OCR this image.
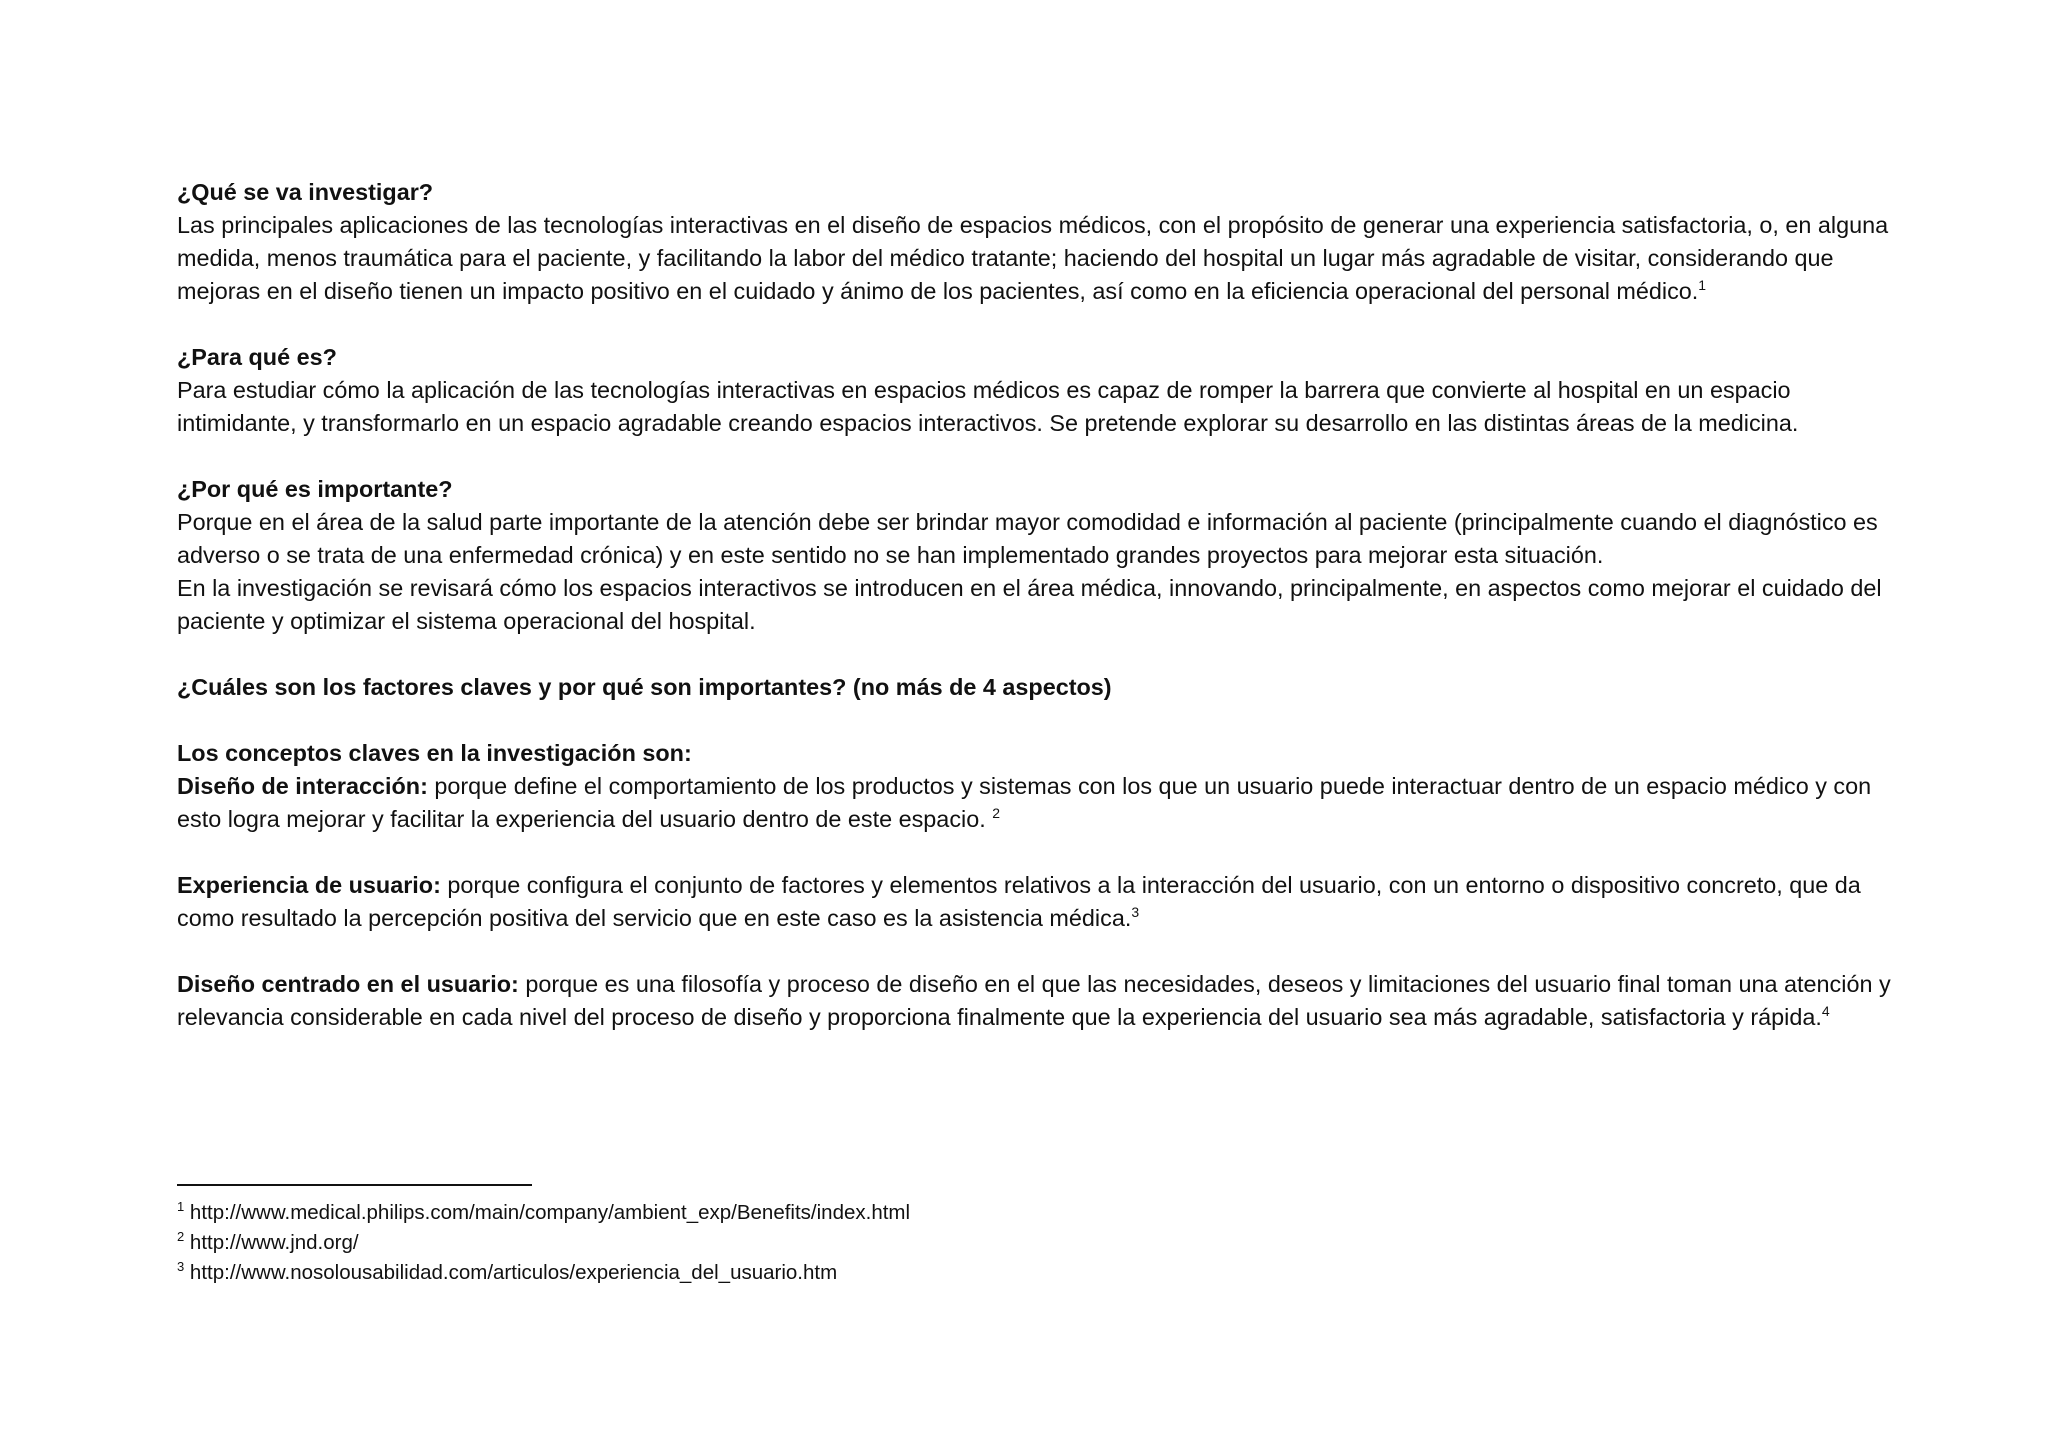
¿Qué se va investigar?

Las principales aplicaciones de las tecnologías interactivas en el diseño de espacios médicos, con el propósito de generar una experiencia satisfactoria, o, en alguna medida, menos traumática para el paciente, y facilitando la labor del médico tratante; haciendo del hospital un lugar más agradable de visitar, considerando que mejoras en el diseño tienen un impacto positivo en el cuidado y ánimo de los pacientes, así como en la eficiencia operacional del personal médico.$^1$

¿Para qué es?

Para estudiar cómo la aplicación de las tecnologías interactivas en espacios médicos es capaz de romper la barrera que convierte al hospital en un espacio intimidante, y transformarlo en un espacio agradable creando espacios interactivos. Se pretende explorar su desarrollo en las distintas áreas de la medicina.

¿Por qué es importante?

Porque en el área de la salud parte importante de la atención debe ser brindar mayor comodidad e información al paciente (principalmente cuando el diagnóstico es adverso o se trata de una enfermedad crónica) y en este sentido no se han implementado grandes proyectos para mejorar esta situación.

En la investigación se revisará cómo los espacios interactivos se introducen en el área médica, innovando, principalmente, en aspectos como mejorar el cuidado del paciente y optimizar el sistema operacional del hospital.

¿Cuáles son los factores claves y por qué son importantes? (no más de 4 aspectos)

Los conceptos claves en la investigación son:

Diseño de interacción: porque define el comportamiento de los productos y sistemas con los que un usuario puede interactuar dentro de un espacio médico y con esto logra mejorar y facilitar la experiencia del usuario dentro de este espacio. $^2$

Experiencia de usuario: porque configura el conjunto de factores y elementos relativos a la interacción del usuario, con un entorno o dispositivo concreto, que da como resultado la percepción positiva del servicio que en este caso es la asistencia médica.$^3$

Diseño centrado en el usuario: porque es una filosofía y proceso de diseño en el que las necesidades, deseos y limitaciones del usuario final toman una atención y relevancia considerable en cada nivel del proceso de diseño y proporciona finalmente que la experiencia del usuario sea más agradable, satisfactoria y rápida.$^4$

$^1$ http://www.medical.philips.com/main/company/ambient_exp/Benefits/index.html
$^2$ http://www.jnd.org/
$^3$ http://www.nosolousabilidad.com/articulos/experiencia_del_usuario.htm
